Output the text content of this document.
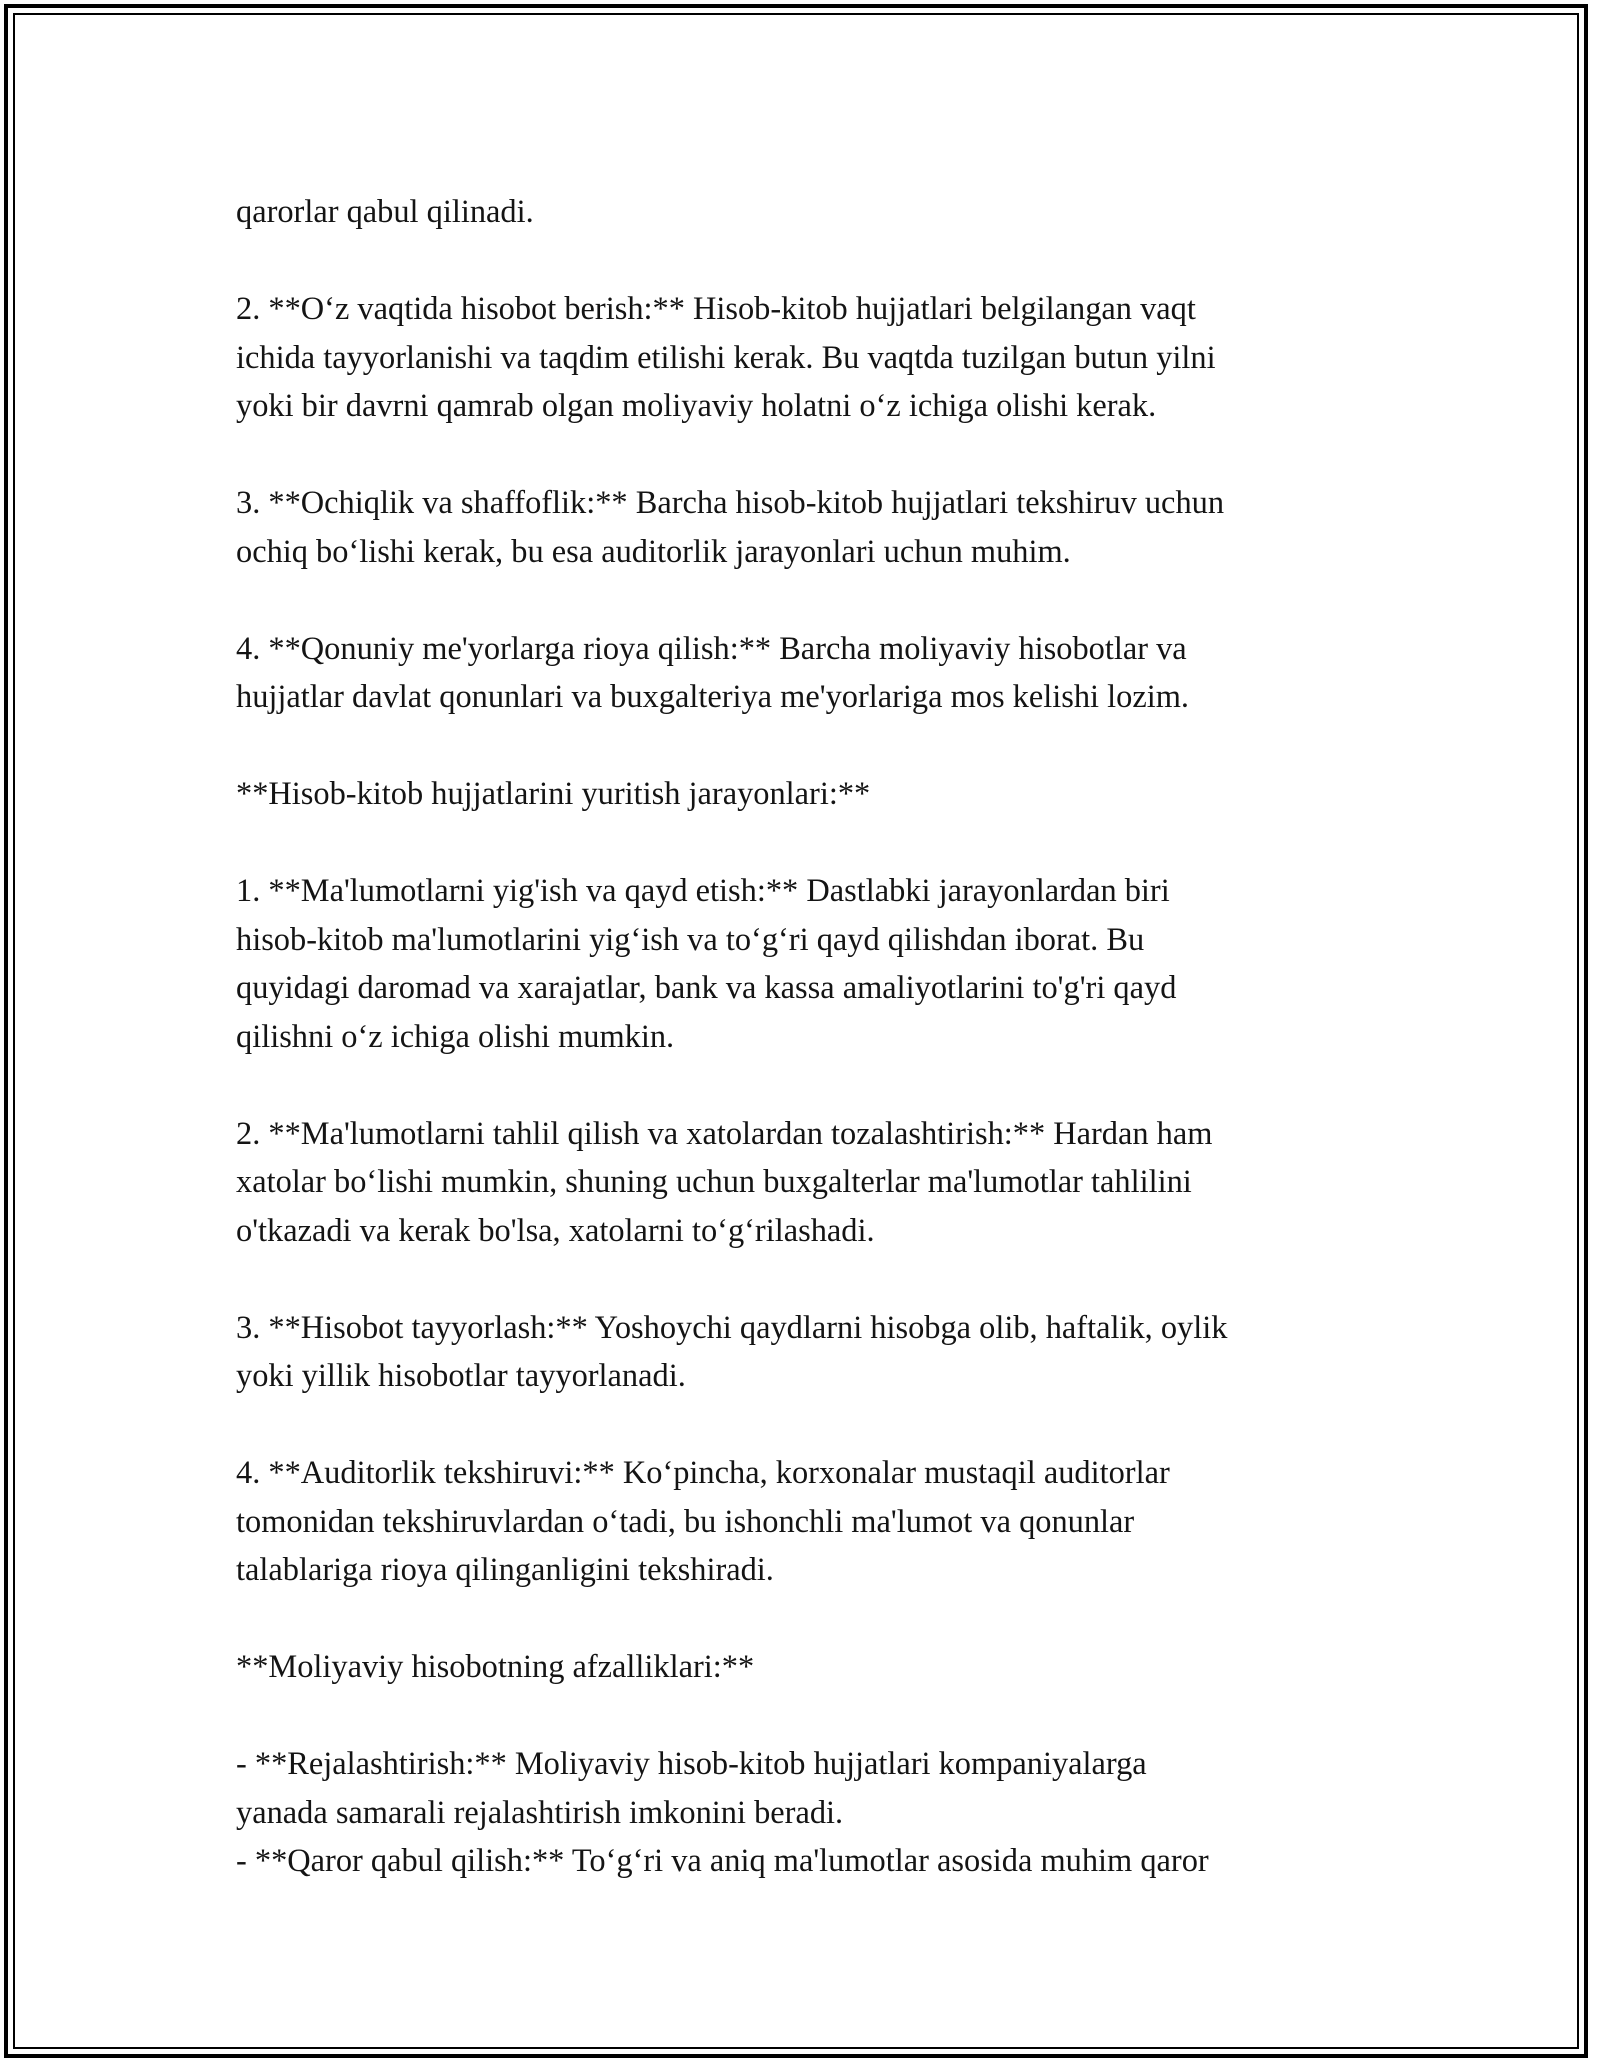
qarorlar qabul qilinadi.

2. **O‘z vaqtida hisobot berish:** Hisob-kitob hujjatlari belgilangan vaqt
ichida tayyorlanishi va taqdim etilishi kerak. Bu vaqtda tuzilgan butun yilni
yoki bir davrni qamrab olgan moliyaviy holatni o‘z ichiga olishi kerak.

3. **Ochiqlik va shaffoflik:** Barcha hisob-kitob hujjatlari tekshiruv uchun
ochiq bo‘lishi kerak, bu esa auditorlik jarayonlari uchun muhim.

4. **Qonuniy me'yorlarga rioya qilish:** Barcha moliyaviy hisobotlar va
hujjatlar davlat qonunlari va buxgalteriya me'yorlariga mos kelishi lozim.

**Hisob-kitob hujjatlarini yuritish jarayonlari:**

1. **Ma'lumotlarni yig'ish va qayd etish:** Dastlabki jarayonlardan biri
hisob-kitob ma'lumotlarini yig‘ish va to‘g‘ri qayd qilishdan iborat. Bu
quyidagi daromad va xarajatlar, bank va kassa amaliyotlarini to'g'ri qayd
qilishni o‘z ichiga olishi mumkin.

2. **Ma'lumotlarni tahlil qilish va xatolardan tozalashtirish:** Hardan ham
xatolar bo‘lishi mumkin, shuning uchun buxgalterlar ma'lumotlar tahlilini
o'tkazadi va kerak bo'lsa, xatolarni to‘g‘rilashadi.

3. **Hisobot tayyorlash:** Yoshoychi qaydlarni hisobga olib, haftalik, oylik
yoki yillik hisobotlar tayyorlanadi.

4. **Auditorlik tekshiruvi:** Ko‘pincha, korxonalar mustaqil auditorlar
tomonidan tekshiruvlardan o‘tadi, bu ishonchli ma'lumot va qonunlar
talablariga rioya qilinganligini tekshiradi.

**Moliyaviy hisobotning afzalliklari:**

- **Rejalashtirish:** Moliyaviy hisob-kitob hujjatlari kompaniyalarga
yanada samarali rejalashtirish imkonini beradi.

- **Qaror qabul qilish:** To‘g‘ri va aniq ma'lumotlar asosida muhim qaror
